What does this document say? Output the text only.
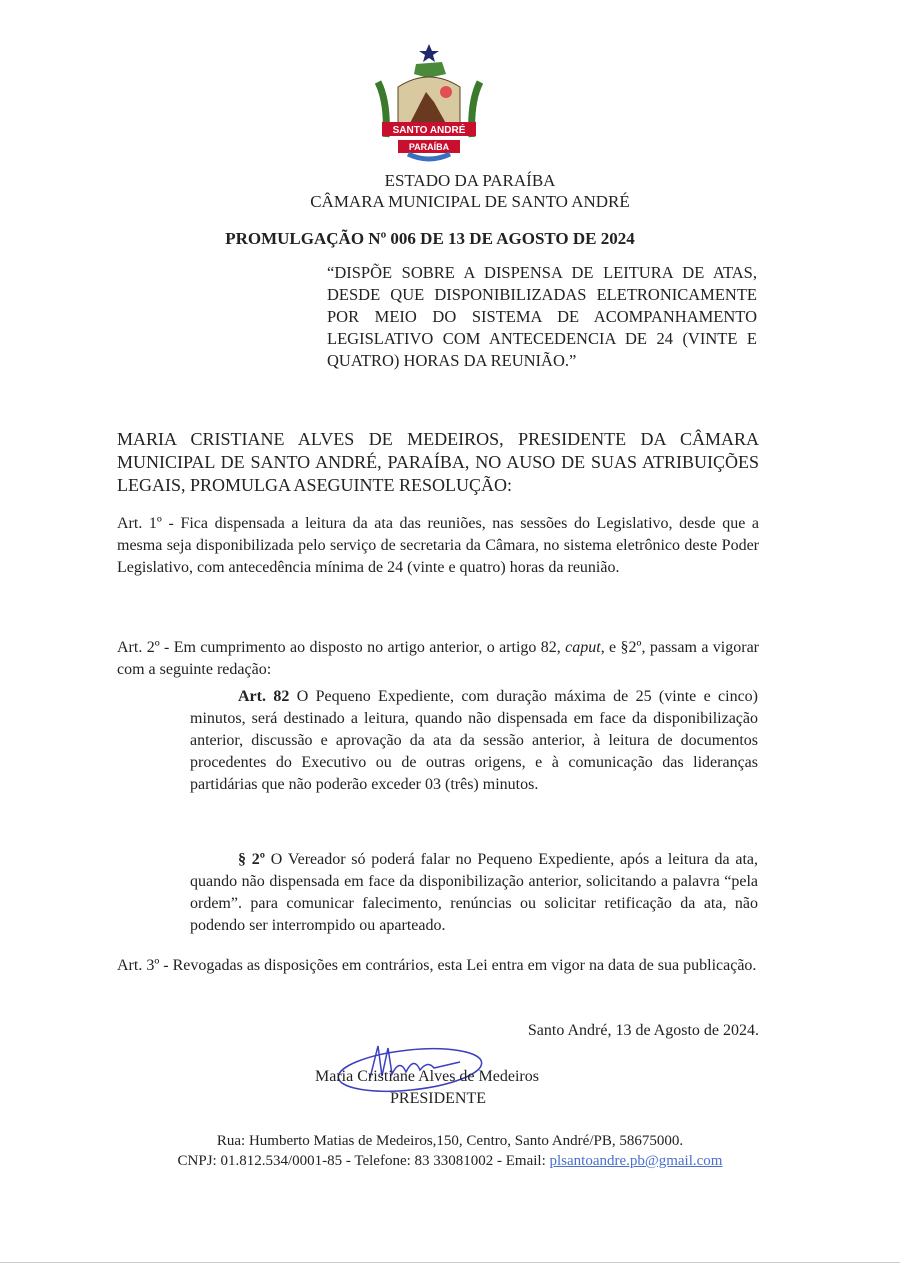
SANTO ANDRÉ
PARAÍBA
ESTADO DA PARAÍBA
CÂMARA MUNICIPAL DE SANTO ANDRÉ
PROMULGAÇÃO Nº 006 DE 13 DE AGOSTO DE 2024
“DISPÕE SOBRE A DISPENSA DE LEITURA DE ATAS, DESDE QUE DISPONIBILIZADAS ELETRONICAMENTE POR MEIO DO SISTEMA DE ACOMPANHAMENTO LEGISLATIVO COM ANTECEDENCIA DE 24 (VINTE E QUATRO) HORAS DA REUNIÃO.”
MARIA CRISTIANE ALVES DE MEDEIROS, PRESIDENTE DA CÂMARA MUNICIPAL DE SANTO ANDRÉ, PARAÍBA, NO AUSO DE SUAS ATRIBUIÇÕES LEGAIS, PROMULGA ASEGUINTE RESOLUÇÃO:
Art. 1º - Fica dispensada a leitura da ata das reuniões, nas sessões do Legislativo, desde que a mesma seja disponibilizada pelo serviço de secretaria da Câmara, no sistema eletrônico deste Poder Legislativo, com antecedência mínima de 24 (vinte e quatro) horas da reunião.
Art. 2º - Em cumprimento ao disposto no artigo anterior, o artigo 82, caput, e §2º, passam a vigorar com a seguinte redação:
Art. 82 O Pequeno Expediente, com duração máxima de 25 (vinte e cinco) minutos, será destinado a leitura, quando não dispensada em face da disponibilização anterior, discussão e aprovação da ata da sessão anterior, à leitura de documentos procedentes do Executivo ou de outras origens, e à comunicação das lideranças partidárias que não poderão exceder 03 (três) minutos.
§ 2º O Vereador só poderá falar no Pequeno Expediente, após a leitura da ata, quando não dispensada em face da disponibilização anterior, solicitando a palavra “pela ordem”. para comunicar falecimento, renúncias ou solicitar retificação da ata, não podendo ser interrompido ou aparteado.
Art. 3º - Revogadas as disposições em contrários, esta Lei entra em vigor na data de sua publicação.
Santo André, 13 de Agosto de 2024.
Maria Cristiane Alves de Medeiros
PRESIDENTE
Rua: Humberto Matias de Medeiros,150, Centro, Santo André/PB, 58675000.
CNPJ: 01.812.534/0001-85 - Telefone: 83 33081002 - Email: plsantoandre.pb@gmail.com
